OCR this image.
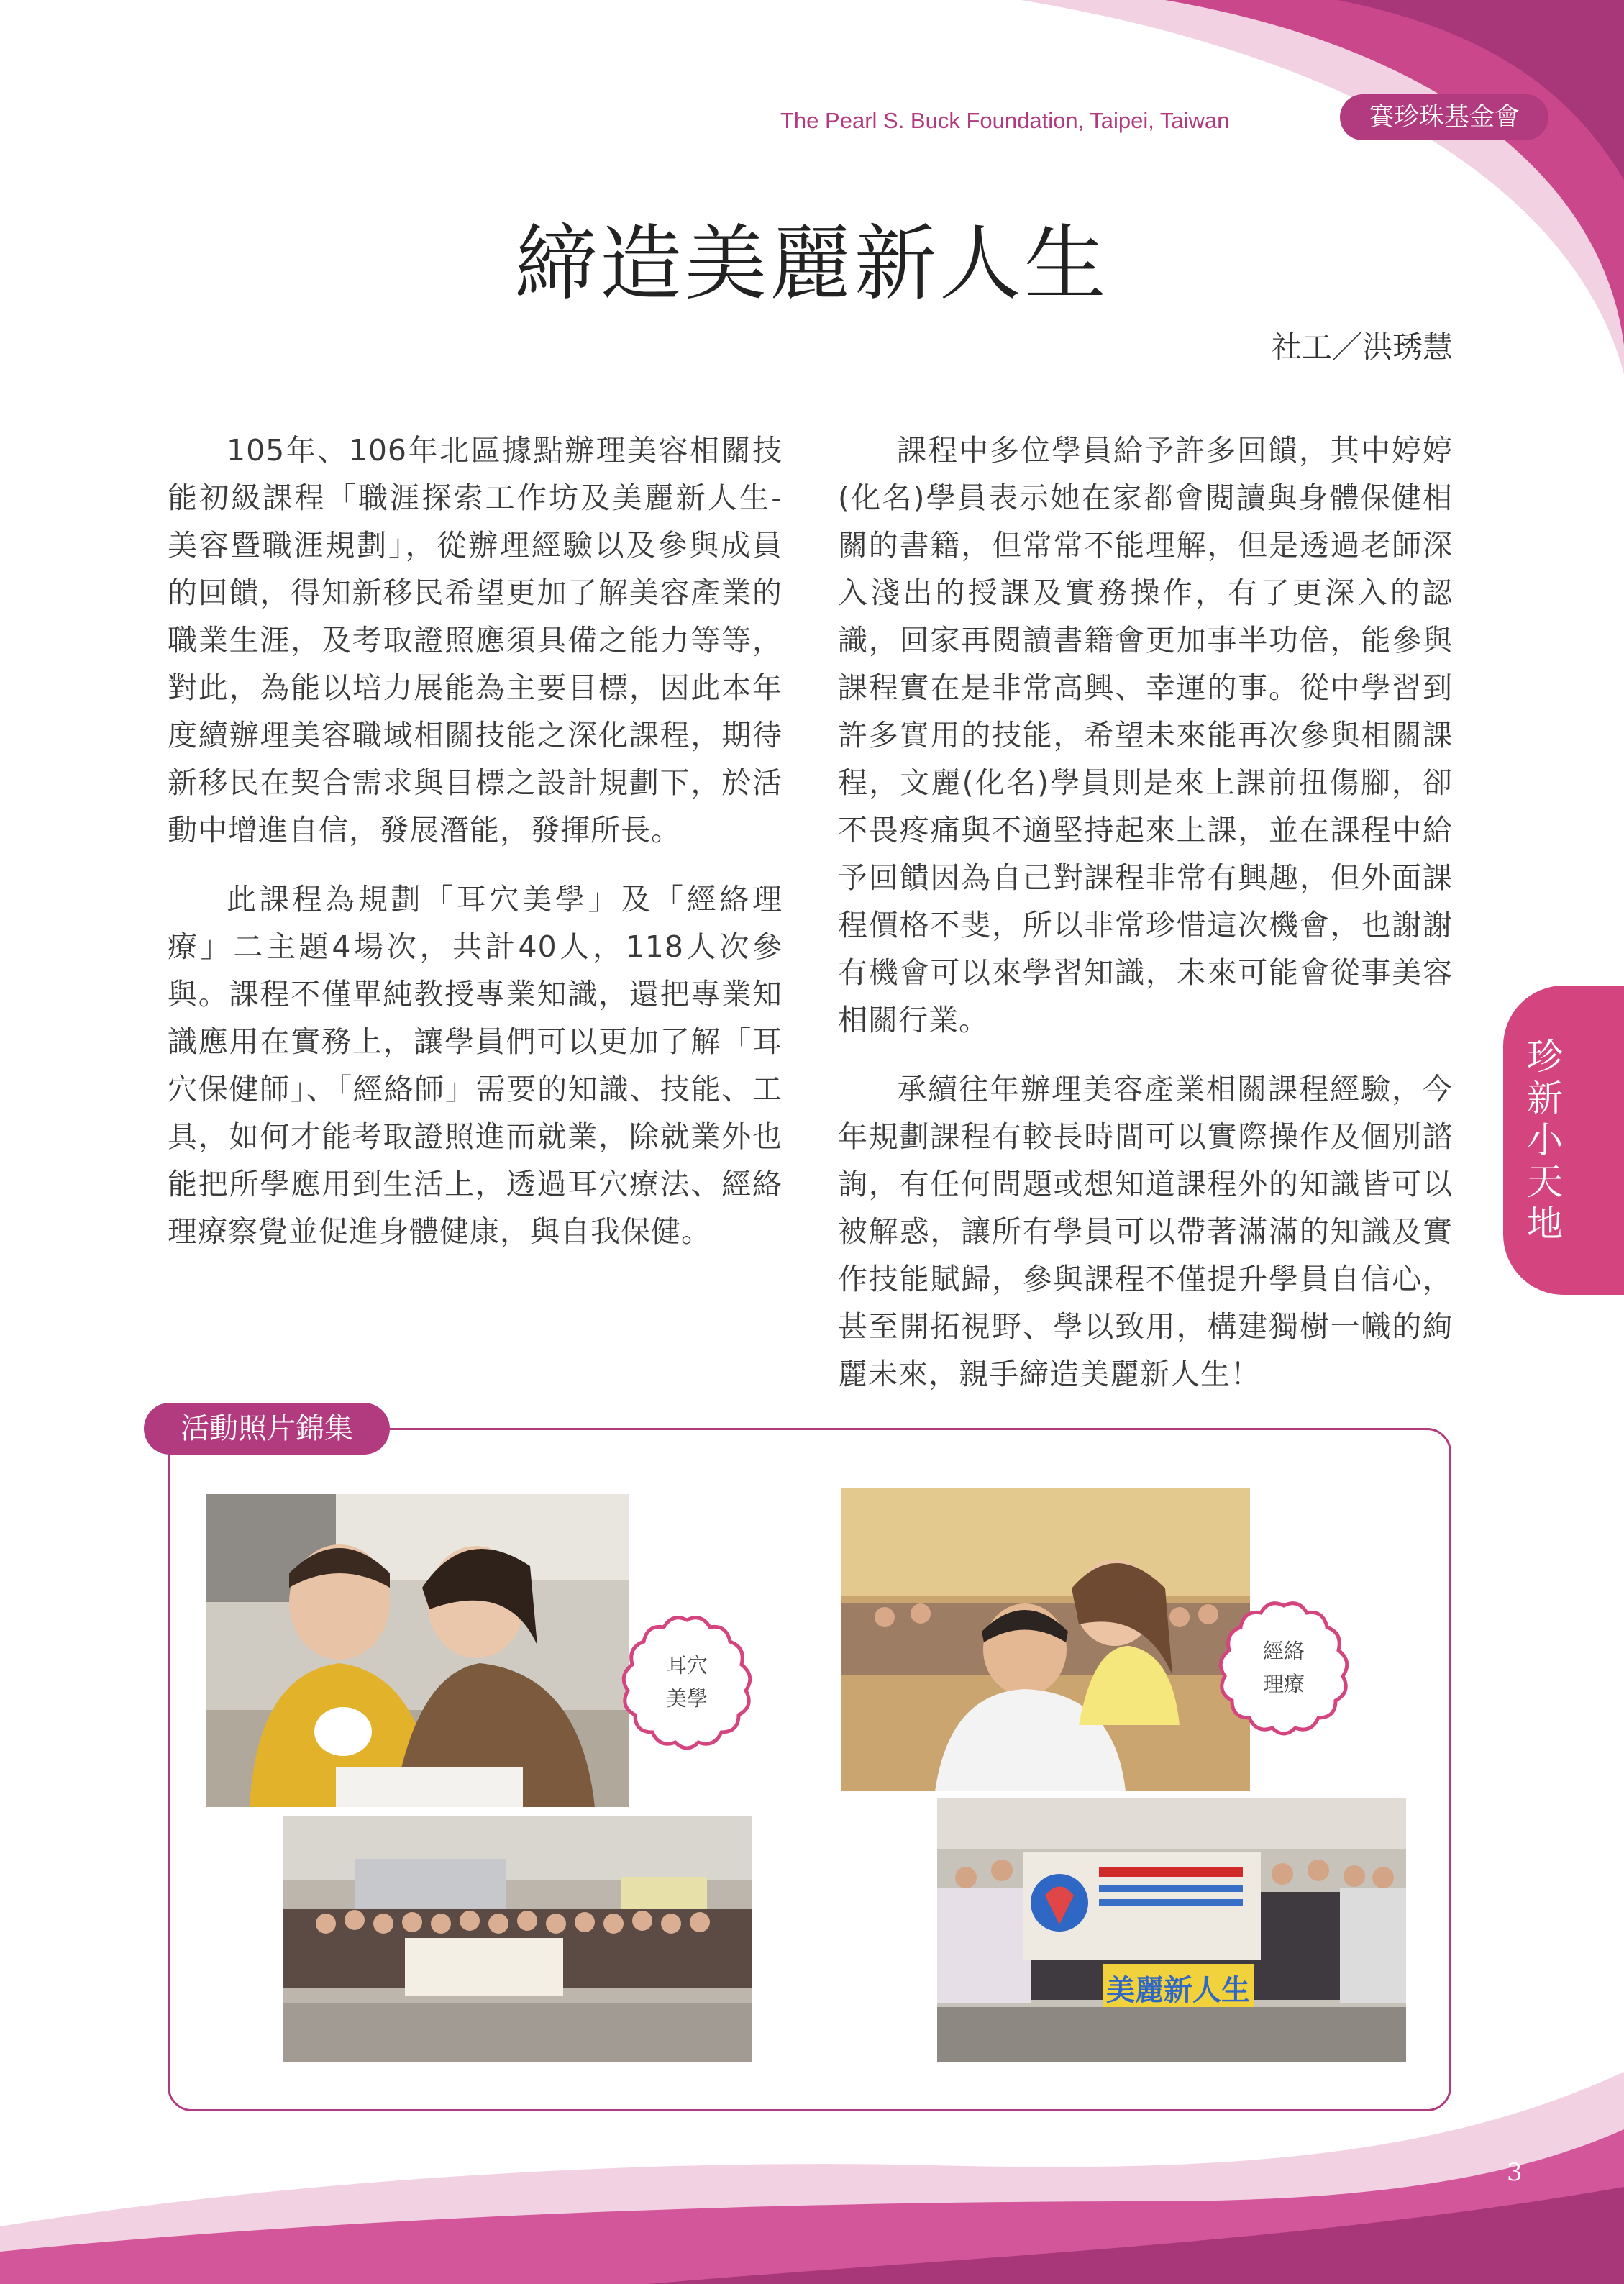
The Pearl S. Buck Foundation, Taipei, Taiwan	賽珍珠基金會
締造美麗新人生
社工／洪琇慧

105年、106年北區據點辦理美容相關技能初級課程「職涯探索工作坊及美麗新人生-美容暨職涯規劃」，從辦理經驗以及參與成員的回饋，得知新移民希望更加了解美容產業的職業生涯，及考取證照應須具備之能力等等，對此，為能以培力展能為主要目標，因此本年度續辦理美容職域相關技能之深化課程，期待新移民在契合需求與目標之設計規劃下，於活動中增進自信，發展潛能，發揮所長。

此課程為規劃「耳穴美學」及「經絡理療」二主題4場次，共計40人，118人次參與。課程不僅單純教授專業知識，還把專業知識應用在實務上，讓學員們可以更加了解「耳穴保健師」、「經絡師」需要的知識、技能、工具，如何才能考取證照進而就業，除就業外也能把所學應用到生活上，透過耳穴療法、經絡理療察覺並促進身體健康，與自我保健。

課程中多位學員給予許多回饋，其中婷婷(化名)學員表示她在家都會閱讀與身體保健相關的書籍，但常常不能理解，但是透過老師深入淺出的授課及實務操作，有了更深入的認識，回家再閱讀書籍會更加事半功倍，能參與課程實在是非常高興、幸運的事。從中學習到許多實用的技能，希望未來能再次參與相關課程，文麗(化名)學員則是來上課前扭傷腳，卻不畏疼痛與不適堅持起來上課，並在課程中給予回饋因為自己對課程非常有興趣，但外面課程價格不斐，所以非常珍惜這次機會，也謝謝有機會可以來學習知識，未來可能會從事美容相關行業。

承續往年辦理美容產業相關課程經驗，今年規劃課程有較長時間可以實際操作及個別諮詢，有任何問題或想知道課程外的知識皆可以被解惑，讓所有學員可以帶著滿滿的知識及實作技能賦歸，參與課程不僅提升學員自信心，甚至開拓視野、學以致用，構建獨樹一幟的絢麗未來，親手締造美麗新人生！

珍新小天地
活動照片錦集
美麗新人生
耳穴
美學
經絡
理療
3
